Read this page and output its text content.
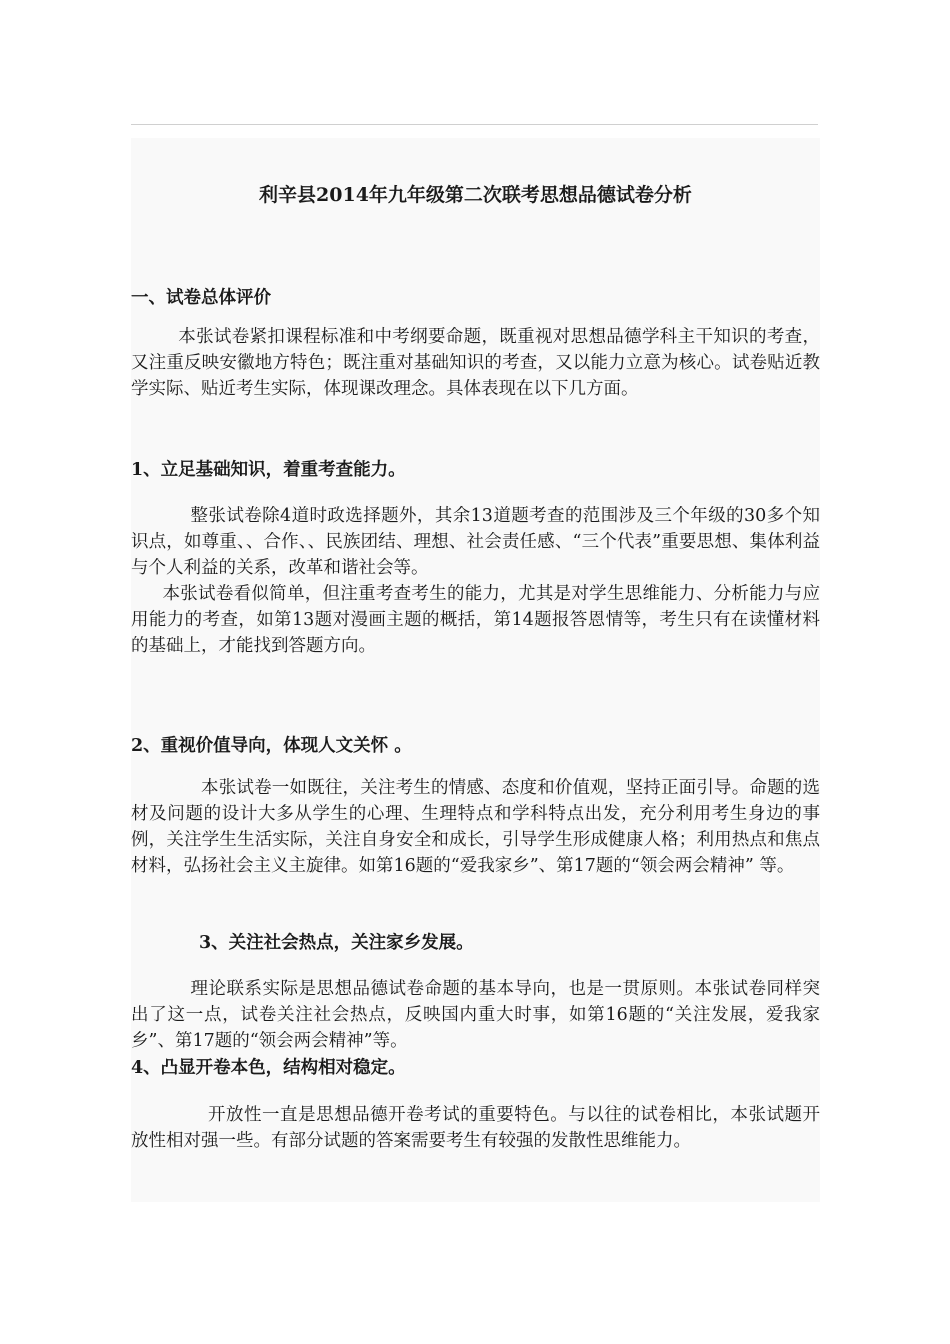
利辛县2014年九年级第二次联考思想品德试卷分析
一、试卷总体评价

本张试卷紧扣课程标准和中考纲要命题，既重视对思想品德学科主干知识的考查，又注重反映安徽地方特色；既注重对基础知识的考查，又以能力立意为核心。试卷贴近教学实际、贴近考生实际，体现课改理念。具体表现在以下几方面。

1、立足基础知识，着重考查能力。

整张试卷除4道时政选择题外，其余13道题考查的范围涉及三个年级的30多个知识点，如尊重、、合作、、民族团结、理想、社会责任感、“三个代表”重要思想、集体利益与个人利益的关系，改革和谐社会等。

本张试卷看似简单，但注重考查考生的能力，尤其是对学生思维能力、分析能力与应用能力的考查，如第13题对漫画主题的概括，第14题报答恩情等，考生只有在读懂材料的基础上，才能找到答题方向。

2、重视价值导向，体现人文关怀 。

本张试卷一如既往，关注考生的情感、态度和价值观，坚持正面引导。命题的选材及问题的设计大多从学生的心理、生理特点和学科特点出发，充分利用考生身边的事例，关注学生生活实际，关注自身安全和成长，引导学生形成健康人格；利用热点和焦点材料，弘扬社会主义主旋律。如第16题的“爱我家乡”、第17题的“领会两会精神” 等。

3、关注社会热点，关注家乡发展。

理论联系实际是思想品德试卷命题的基本导向，也是一贯原则。本张试卷同样突出了这一点，试卷关注社会热点，反映国内重大时事，如第16题的“关注发展，爱我家乡”、第17题的“领会两会精神”等。

4、凸显开卷本色，结构相对稳定。

开放性一直是思想品德开卷考试的重要特色。与以往的试卷相比，本张试题开放性相对强一些。有部分试题的答案需要考生有较强的发散性思维能力。
